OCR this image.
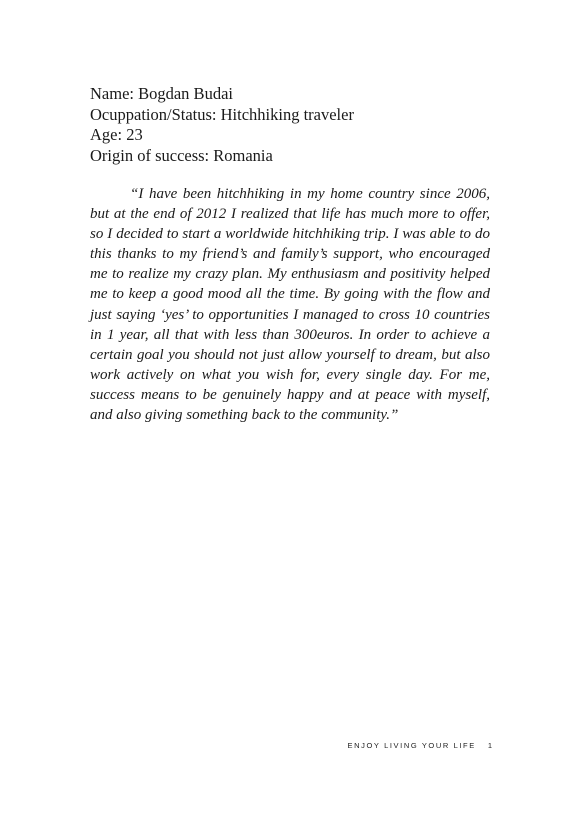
Name: Bogdan Budai
Ocuppation/Status: Hitchhiking traveler
Age: 23
Origin of success: Romania

“I have been hitchhiking in my home country since 2006, but at the end of 2012 I realized that life has much more to offer, so I decided to start a worldwide hitchhiking trip. I was able to do this thanks to my friend’s and family’s support, who encouraged me to realize my crazy plan. My enthusiasm and positivity helped me to keep a good mood all the time. By going with the flow and just saying ‘yes’ to opportunities I managed to cross 10 countries in 1 year, all that with less than 300euros. In order to achieve a certain goal you should not just allow yourself to dream, but also work actively on what you wish for, every single day. For me, success means to be genuinely happy and at peace with myself, and also giving something back to the community.”

ENJOY LIVING YOUR LIFE 1
